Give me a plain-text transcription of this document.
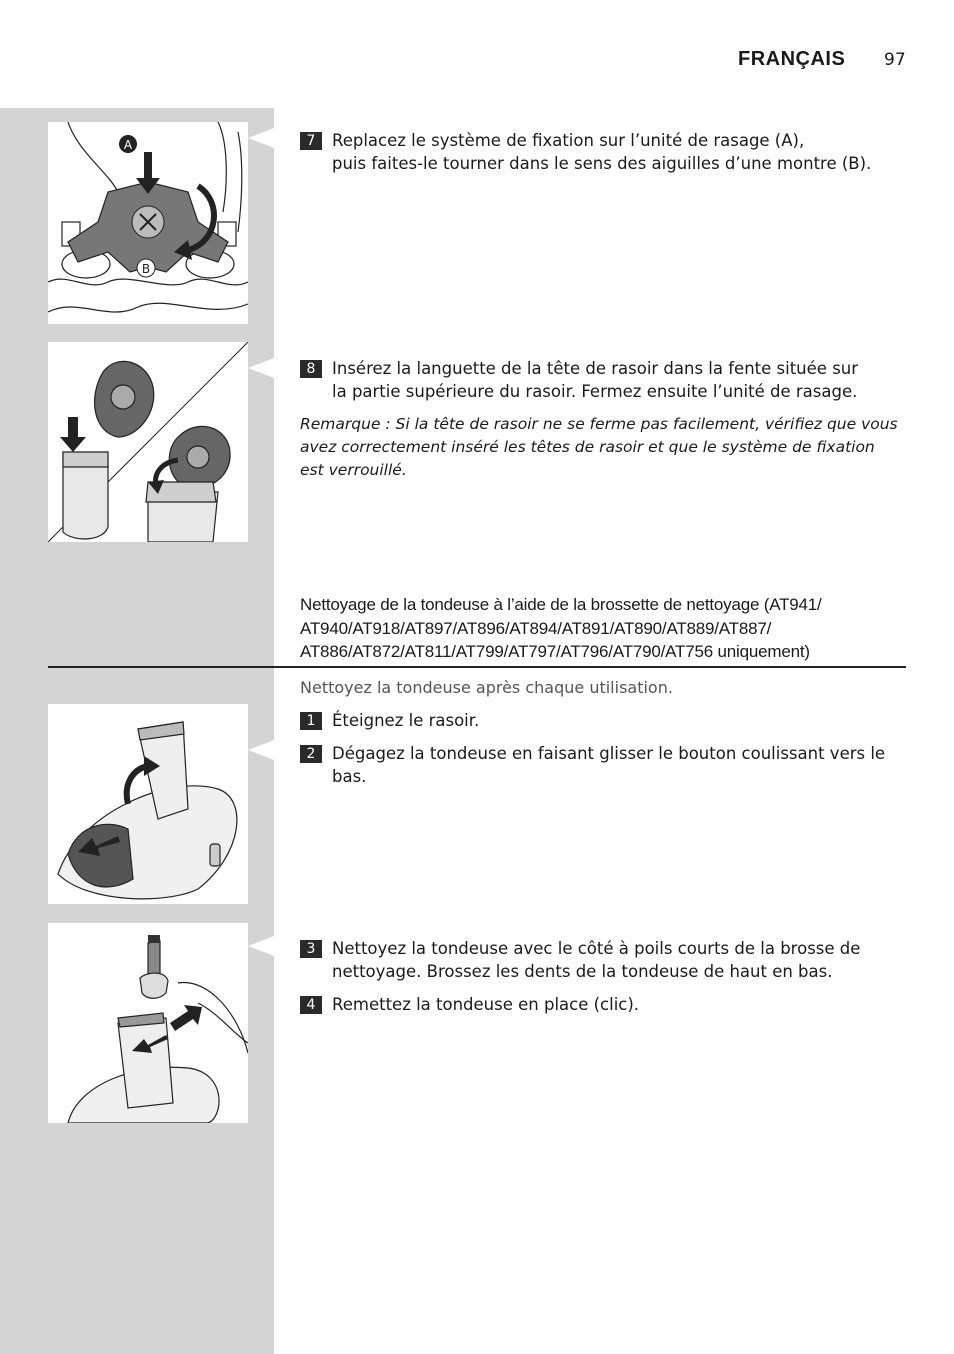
FRANÇAIS 97
A
B
7	Replacez le système de fixation sur l’unité de rasage (A),
puis faites-le tourner dans le sens des aiguilles d’une montre (B).
8	Insérez la languette de la tête de rasoir dans la fente située sur
la partie supérieure du rasoir. Fermez ensuite l’unité de rasage.
Remarque : Si la tête de rasoir ne se ferme pas facilement, vérifiez que vous avez correctement inséré les têtes de rasoir et que le système de fixation est verrouillé.
Nettoyage de la tondeuse à l’aide de la brossette de nettoyage (AT941/ AT940/AT918/AT897/AT896/AT894/AT891/AT890/AT889/AT887/ AT886/AT872/AT811/AT799/AT797/AT796/AT790/AT756 uniquement)
Nettoyez la tondeuse après chaque utilisation.
1	Éteignez le rasoir.
2	Dégagez la tondeuse en faisant glisser le bouton coulissant vers le bas.
3	Nettoyez la tondeuse avec le côté à poils courts de la brosse de nettoyage. Brossez les dents de la tondeuse de haut en bas.
4	Remettez la tondeuse en place (clic).
